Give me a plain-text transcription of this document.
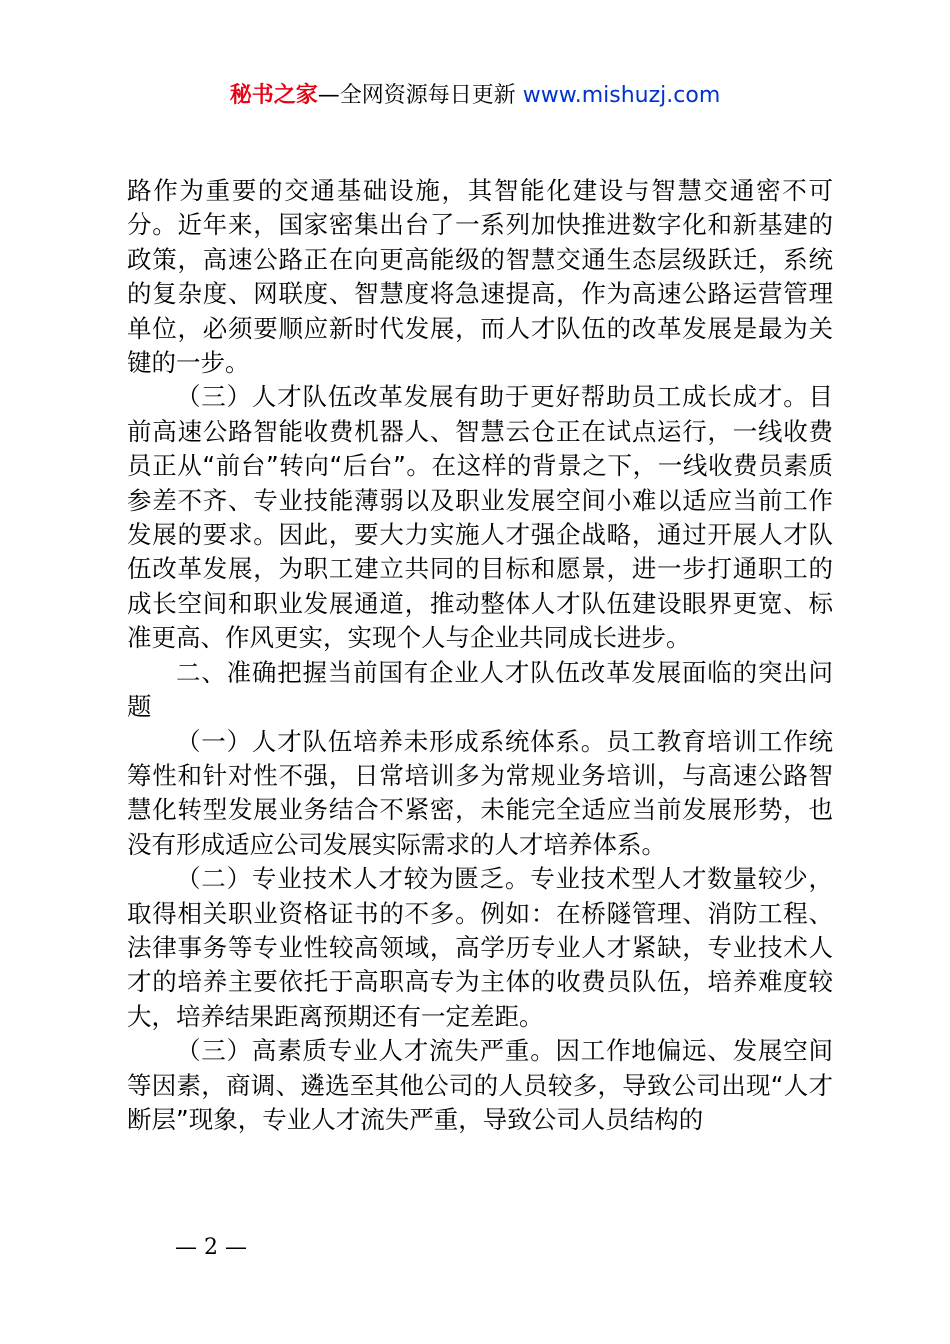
秘书之家—全网资源每日更新 www.mishuzj.com

路作为重要的交通基础设施，其智能化建设与智慧交通密不可分。近年来，国家密集出台了一系列加快推进数字化和新基建的政策，高速公路正在向更高能级的智慧交通生态层级跃迁，系统的复杂度、网联度、智慧度将急速提高，作为高速公路运营管理单位，必须要顺应新时代发展，而人才队伍的改革发展是最为关键的一步。

（三）人才队伍改革发展有助于更好帮助员工成长成才。目前高速公路智能收费机器人、智慧云仓正在试点运行，一线收费员正从“前台”转向“后台”。在这样的背景之下，一线收费员素质参差不齐、专业技能薄弱以及职业发展空间小难以适应当前工作发展的要求。因此，要大力实施人才强企战略，通过开展人才队伍改革发展，为职工建立共同的目标和愿景，进一步打通职工的成长空间和职业发展通道，推动整体人才队伍建设眼界更宽、标准更高、作风更实，实现个人与企业共同成长进步。

二、准确把握当前国有企业人才队伍改革发展面临的突出问题

（一）人才队伍培养未形成系统体系。员工教育培训工作统筹性和针对性不强，日常培训多为常规业务培训，与高速公路智慧化转型发展业务结合不紧密，未能完全适应当前发展形势，也没有形成适应公司发展实际需求的人才培养体系。

（二）专业技术人才较为匮乏。专业技术型人才数量较少，取得相关职业资格证书的不多。例如：在桥隧管理、消防工程、法律事务等专业性较高领域，高学历专业人才紧缺，专业技术人才的培养主要依托于高职高专为主体的收费员队伍，培养难度较大，培养结果距离预期还有一定差距。

（三）高素质专业人才流失严重。因工作地偏远、发展空间等因素，商调、遴选至其他公司的人员较多，导致公司出现“人才断层”现象，专业人才流失严重，导致公司人员结构的

— 2 —
